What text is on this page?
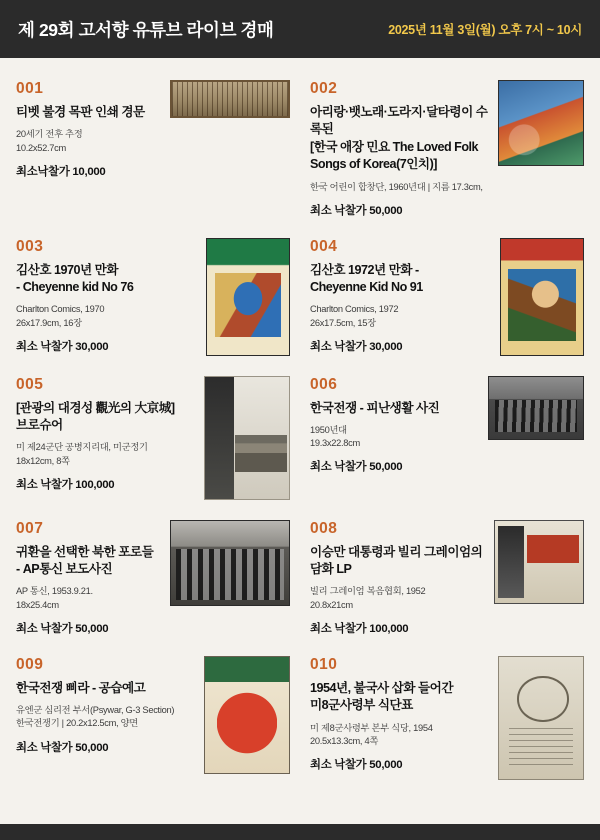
제 29회 고서향 유튜브 라이브 경매	2025년 11월 3일(월) 오후 7시 ~ 10시
001
티벳 불경 목판 인쇄 경문
20세기 전후 추정
10.2x52.7cm
최소낙찰가 10,000
002
아리랑·뱃노래·도라지·달타령이 수록된
[한국 애장 민요 The Loved Folk Songs of Korea(7인치)]
한국 어린이 합창단, 1960년대 | 지름 17.3cm,
최소 낙찰가 50,000
003
김산호 1970년 만화
- Cheyenne kid No 76
Charlton Comics, 1970
26x17.9cm, 16장
최소 낙찰가 30,000
004
김산호 1972년 만화 -
Cheyenne Kid No 91
Charlton Comics, 1972
26x17.5cm, 15장
최소 낙찰가 30,000
005
[관광의 대경성 觀光의 大京城]
브로슈어
미 제24군단 공병지리대, 미군정기
18x12cm, 8쪽
최소 낙찰가 100,000
006
한국전쟁 - 피난생활 사진
1950년대
19.3x22.8cm
최소 낙찰가 50,000
007
귀환을 선택한 북한 포로들
- AP통신 보도사진
AP 통신, 1953.9.21.
18x25.4cm
최소 낙찰가 50,000
008
이승만 대통령과 빌리 그레이엄의
담화 LP
빌리 그레이엄 복음협회, 1952
20.8x21cm
최소 낙찰가 100,000
009
한국전쟁 삐라 - 공습예고
유엔군 심리전 부서(Psywar, G-3 Section)
한국전쟁기 | 20.2x12.5cm, 양면
최소 낙찰가 50,000
010
1954년, 불국사 삽화 들어간
미8군사령부 식단표
미 제8군사령부 본부 식당, 1954
20.5x13.3cm, 4쪽
최소 낙찰가 50,000
